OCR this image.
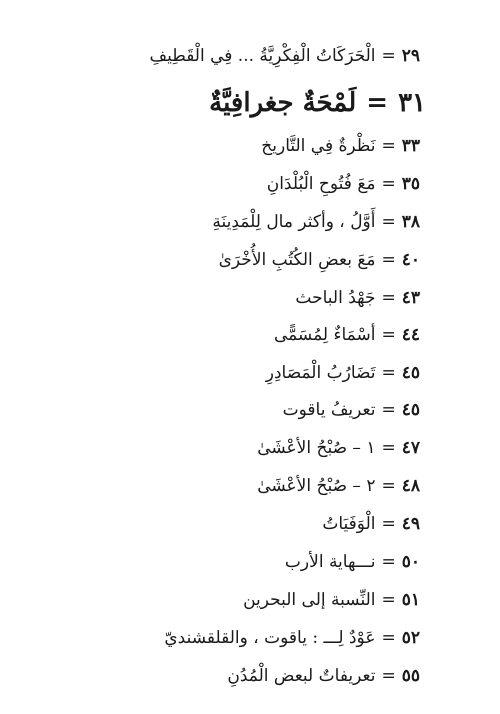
٢٩=الْحَرَكَاتُ الْفِكْرِيَّةُ ... فِي الْقَطِيفِ
٣١=لَمْحَةٌ جغرافِيَّةٌ
٣٣=نَظْرةٌ فِي التَّاريخ
٣٥=مَعَ فُتُوحِ الْبُلْدَانِ
٣٨=أَوَّلُ ، وأكثر مال لِلْمَدِينَةِ
٤٠=مَعَ بعضِ الكُتُبِ الأُخْرَىٰ
٤٣=جَهْدُ الباحث
٤٤=أسْمَاءٌ لِمُسَمًّى
٤٥=تَضَارُبُ الْمَصَادِرِ
٤٥=تعريفُ ياقوت
٤٧=١ – صُبْحُ الأعْشَىٰ
٤٨=٢ – صُبْحُ الأعْشَىٰ
٤٩=الْوَفَيَاتُ
٥٠=نـــهاية الأرب
٥١=النِّسبة إلى البحرين
٥٢=عَوْدٌ لِـــ : ياقوت ، والقلقشنديّ
٥٥=تعريفاتٌ لبعض الْمُدُنِ
